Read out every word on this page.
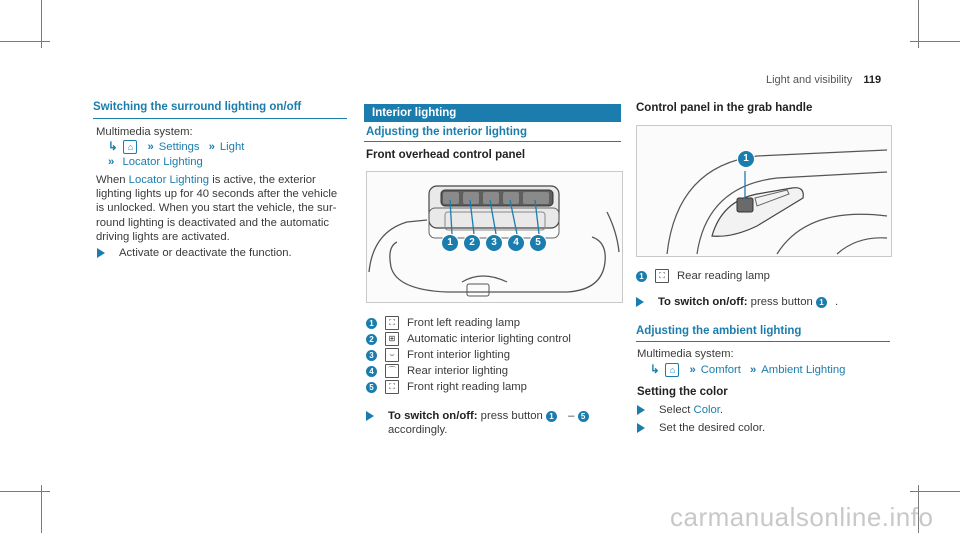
Light and visibility 119
Switching the surround lighting on/off
Multimedia system:
↳	⌂	» Settings » Light
» Locator Lighting
When Locator Lighting is active, the exterior
lighting lights up for 40 seconds after the vehicle
is unlocked. When you start the vehicle, the sur-
round lighting is deactivated and the automatic
driving lights are activated.
Activate or deactivate the function.
Interior lighting
Adjusting the interior lighting
Front overhead control panel
1	2	3	4	5
1	⛶	Front left reading lamp
2	⊞	Automatic interior lighting control
3	⌣	Front interior lighting
4	⌒ Rear interior lighting
5	⛶	Front right reading lamp
To switch on/off: press button 1 – 5
accordingly.
Control panel in the grab handle
1
1	⛶	Rear reading lamp
To switch on/off: press button 1 .
Adjusting the ambient lighting
Multimedia system:
↳	⌂	» Comfort » Ambient Lighting
Setting the color
Select Color.
Set the desired color.
carmanualsonline.info
